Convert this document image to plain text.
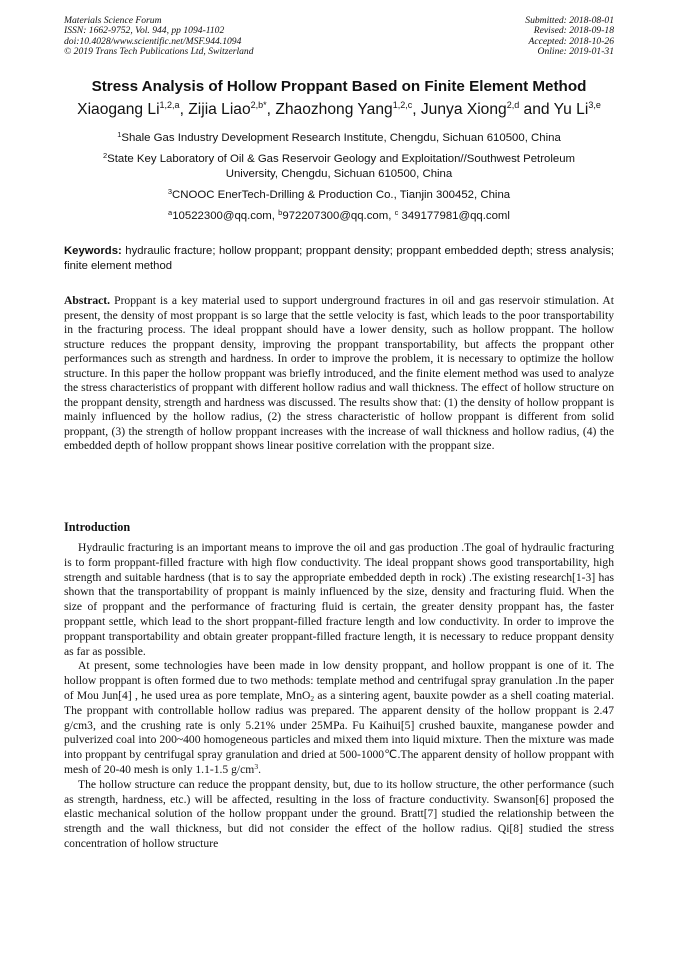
Materials Science Forum
ISSN: 1662-9752, Vol. 944, pp 1094-1102
doi:10.4028/www.scientific.net/MSF.944.1094
© 2019 Trans Tech Publications Ltd, Switzerland
Submitted: 2018-08-01
Revised: 2018-09-18
Accepted: 2018-10-26
Online: 2019-01-31
Stress Analysis of Hollow Proppant Based on Finite Element Method
Xiaogang Li$^{1,2,a}$, Zijia Liao$^{2,b*}$, Zhaozhong Yang$^{1,2,c}$, Junya Xiong$^{2,d}$ and Yu Li$^{3,e}$
$^1$Shale Gas Industry Development Research Institute, Chengdu, Sichuan 610500, China
$^2$State Key Laboratory of Oil & Gas Reservoir Geology and Exploitation//Southwest Petroleum
University, Chengdu, Sichuan 610500, China
$^3$CNOOC EnerTech-Drilling & Production Co., Tianjin 300452, China
$^a$10522300@qq.com, $^b$972207300@qq.com, $^c$ 349177981@qq.coml
Keywords: hydraulic fracture; hollow proppant; proppant density; proppant embedded depth; stress analysis; finite element method
Abstract. Proppant is a key material used to support underground fractures in oil and gas reservoir stimulation. At present, the density of most proppant is so large that the settle velocity is fast, which leads to the poor transportability in the fracturing process. The ideal proppant should have a lower density, such as hollow proppant. The hollow structure reduces the proppant density, improving the proppant transportability, but affects the proppant other performances such as strength and hardness. In order to improve the problem, it is necessary to optimize the hollow structure. In this paper the hollow proppant was briefly introduced, and the finite element method was used to analyze the stress characteristics of proppant with different hollow radius and wall thickness. The effect of hollow structure on the proppant density, strength and hardness was discussed. The results show that: (1) the density of hollow proppant is mainly influenced by the hollow radius, (2) the stress characteristic of hollow proppant is different from solid proppant, (3) the strength of hollow proppant increases with the increase of wall thickness and hollow radius, (4) the embedded depth of hollow proppant shows linear positive correlation with the proppant size.
Introduction

Hydraulic fracturing is an important means to improve the oil and gas production .The goal of hydraulic fracturing is to form proppant-filled fracture with high flow conductivity. The ideal proppant shows good transportability, high strength and suitable hardness (that is to say the appropriate embedded depth in rock) .The existing research[1-3] has shown that the transportability of proppant is mainly influenced by the size, density and fracturing fluid. When the size of proppant and the performance of fracturing fluid is certain, the greater density proppant has, the faster proppant settle, which lead to the short proppant-filled fracture length and low conductivity. In order to improve the proppant transportability and obtain greater proppant-filled fracture length, it is necessary to reduce proppant density as far as possible.

At present, some technologies have been made in low density proppant, and hollow proppant is one of it. The hollow proppant is often formed due to two methods: template method and centrifugal spray granulation .In the paper of Mou Jun[4] , he used urea as pore template, MnO$_2$ as a sintering agent, bauxite powder as a shell coating material. The proppant with controllable hollow radius was prepared. The apparent density of the hollow proppant is 2.47 g/cm3, and the crushing rate is only 5.21% under 25MPa. Fu Kaihui[5] crushed bauxite, manganese powder and pulverized coal into 200~400 homogeneous particles and mixed them into liquid mixture. Then the mixture was made into proppant by centrifugal spray granulation and dried at 500-1000℃.The apparent density of hollow proppant with mesh of 20-40 mesh is only 1.1-1.5 $g/cm^3$.

The hollow structure can reduce the proppant density, but, due to its hollow structure, the other performance (such as strength, hardness, etc.) will be affected, resulting in the loss of fracture conductivity. Swanson[6] proposed the elastic mechanical solution of the hollow proppant under the ground. Bratt[7] studied the relationship between the strength and the wall thickness, but did not consider the effect of the hollow radius. Qi[8] studied the stress concentration of hollow structure
